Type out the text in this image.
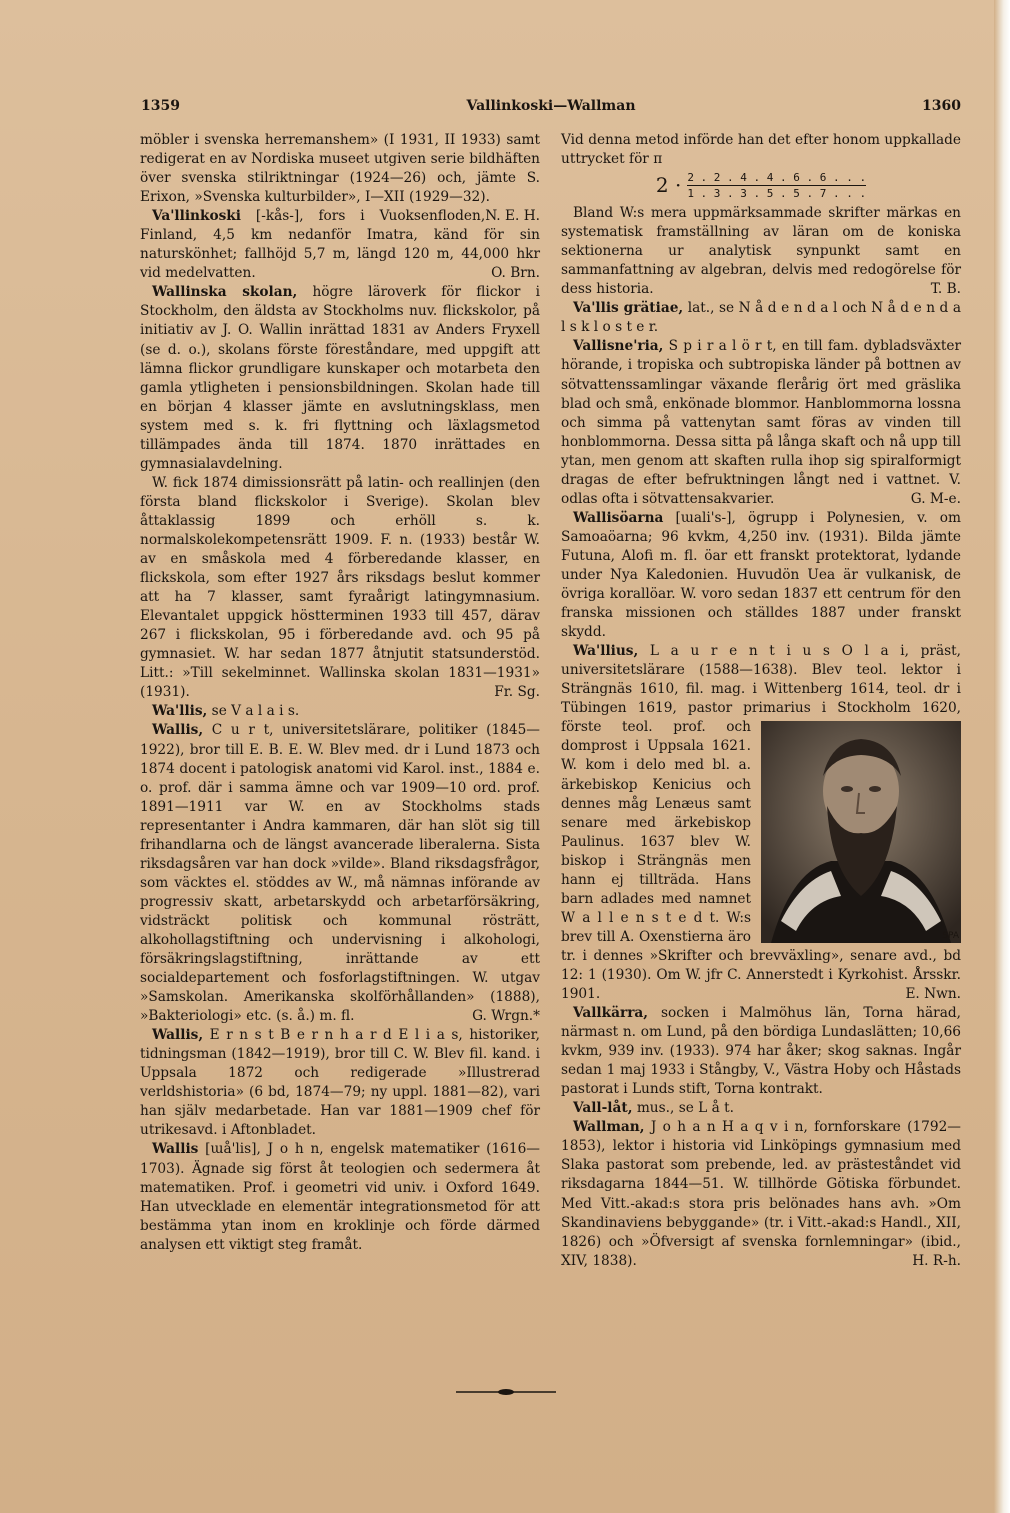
1359	Vallinkoski—Wallman	1360

möbler i svenska herremanshem» (I 1931, II 1933) samt redigerat en av Nordiska museet utgiven serie bildhäften över svenska stilriktningar (1924—26) och, jämte S. Erixon, »Svenska kulturbilder», I—XII (1929—32).
N. E. H.

Va'llinkoski [-kås-], fors i Vuoksenfloden, Finland, 4,5 km nedanför Imatra, känd för sin naturskönhet; fallhöjd 5,7 m, längd 120 m, 44,000 hkr vid medelvatten.	O. Brn.

Wallinska skolan, högre läroverk för flickor i Stockholm, den äldsta av Stockholms nuv. flickskolor, på initiativ av J. O. Wallin inrättad 1831 av Anders Fryxell (se d. o.), skolans förste föreståndare, med uppgift att lämna flickor grundligare kunskaper och motarbeta den gamla ytligheten i pensionsbildningen. Skolan hade till en början 4 klasser jämte en avslutningsklass, men system med s. k. fri flyttning och läxlagsmetod tillämpades ända till 1874. 1870 inrättades en gymnasialavdelning.

W. fick 1874 dimissionsrätt på latin- och reallinjen (den första bland flickskolor i Sverige). Skolan blev åttaklassig 1899 och erhöll s. k. normalskolekompetensrätt 1909. F. n. (1933) består W. av en småskola med 4 förberedande klasser, en flickskola, som efter 1927 års riksdags beslut kommer att ha 7 klasser, samt fyraårigt latingymnasium. Elevantalet uppgick höstterminen 1933 till 457, därav 267 i flickskolan, 95 i förberedande avd. och 95 på gymnasiet. W. har sedan 1877 åtnjutit statsunderstöd. Litt.: »Till sekelminnet. Wallinska skolan 1831—1931» (1931).	Fr. Sg.

Wa'llis, se V a l a i s.

Wallis, C u r t, universitetslärare, politiker (1845—1922), bror till E. B. E. W. Blev med. dr i Lund 1873 och 1874 docent i patologisk anatomi vid Karol. inst., 1884 e. o. prof. där i samma ämne och var 1909—10 ord. prof. 1891—1911 var W. en av Stockholms stads representanter i Andra kammaren, där han slöt sig till frihandlarna och de längst avancerade liberalerna. Sista riksdagsåren var han dock »vilde». Bland riksdagsfrågor, som väcktes el. stöddes av W., må nämnas införande av progressiv skatt, arbetarskydd och arbetarförsäkring, vidsträckt politisk och kommunal rösträtt, alkohollagstiftning och undervisning i alkohologi, försäkringslagstiftning, inrättande av ett socialdepartement och fosforlagstiftningen. W. utgav »Samskolan. Amerikanska skolförhållanden» (1888), »Bakteriologi» etc. (s. å.) m. fl.	G. Wrgn.*

Wallis, E r n s t B e r n h a r d E l i a s, historiker, tidningsman (1842—1919), bror till C. W. Blev fil. kand. i Uppsala 1872 och redigerade »Illustrerad verldshistoria» (6 bd, 1874—79; ny uppl. 1881—82), vari han själv medarbetade. Han var 1881—1909 chef för utrikesavd. i Aftonbladet.

Wallis [ɯå'lis], J o h n, engelsk matematiker (1616—1703). Ägnade sig först åt teologien och sedermera åt matematiken. Prof. i geometri vid univ. i Oxford 1649. Han utvecklade en elementär integrationsmetod för att bestämma ytan inom en kroklinje och förde därmed analysen ett viktigt steg framåt.

Vid denna metod införde han det efter honom uppkallade uttrycket för π

$2 \cdot \frac{2 . 2 . 4 . 4 . 6 . 6 . . .}{1 . 3 . 3 . 5 . 5 . 7 . . .}$

Bland W:s mera uppmärksammade skrifter märkas en systematisk framställning av läran om de koniska sektionerna ur analytisk synpunkt samt en sammanfattning av algebran, delvis med redogörelse för dess historia.	T. B.

Va'llis grätiae, lat., se N å d e n d a l och N å d e n d a l s k l o s t e r.

Vallisne'ria, S p i r a l ö r t, en till fam. dybladsväxter hörande, i tropiska och subtropiska länder på bottnen av sötvattenssamlingar växande flerårig ört med gräslika blad och små, enkönade blommor. Hanblommorna lossna och simma på vattenytan samt föras av vinden till honblommorna. Dessa sitta på långa skaft och nå upp till ytan, men genom att skaften rulla ihop sig spiralformigt dragas de efter befruktningen långt ned i vattnet. V. odlas ofta i sötvattensakvarier.	G. M-e.

Wallisöarna [ɯali's-], ögrupp i Polynesien, v. om Samoaöarna; 96 kvkm, 4,250 inv. (1931). Bilda jämte Futuna, Alofi m. fl. öar ett franskt protektorat, lydande under Nya Kaledonien. Huvudön Uea är vulkanisk, de övriga korallöar. W. voro sedan 1837 ett centrum för den franska missionen och ställdes 1887 under franskt skydd.

Wa'llius, L a u r e n t i u s O l a i, präst, universitetslärare (1588—1638). Blev teol. lektor i Strängnäs 1610, fil. mag. i Wittenberg 1614, teol. dr i Tübingen 1619, pastor primarius i
SPA
Stockholm 1620, förste teol. prof. och domprost i Uppsala 1621. W. kom i delo med bl. a. ärkebiskop Kenicius och dennes måg Lenæus samt senare med ärkebiskop Paulinus. 1637 blev W. biskop i Strängnäs men hann ej tillträda. Hans barn adlades med namnet W a l l e n s t e d t. W:s brev till A. Oxenstierna äro tr. i dennes »Skrifter och brevväxling», senare avd., bd 12: 1 (1930). Om W. jfr C. Annerstedt i Kyrkohist. Årsskr. 1901.	E. Nwn.

Vallkärra, socken i Malmöhus län, Torna härad, närmast n. om Lund, på den bördiga Lundaslätten; 10,66 kvkm, 939 inv. (1933). 974 har åker; skog saknas. Ingår sedan 1 maj 1933 i Stångby, V., Västra Hoby och Håstads pastorat i Lunds stift, Torna kontrakt.

Vall-låt, mus., se L å t.

Wallman, J o h a n H a q v i n, fornforskare (1792—1853), lektor i historia vid Linköpings gymnasium med Slaka pastorat som prebende, led. av prästeståndet vid riksdagarna 1844—51. W. tillhörde Götiska förbundet. Med Vitt.-akad:s stora pris belönades hans avh. »Om Skandinaviens bebyggande» (tr. i Vitt.-akad:s Handl., XII, 1826) och »Öfversigt af svenska fornlemningar» (ibid., XIV, 1838).	H. R-h.
